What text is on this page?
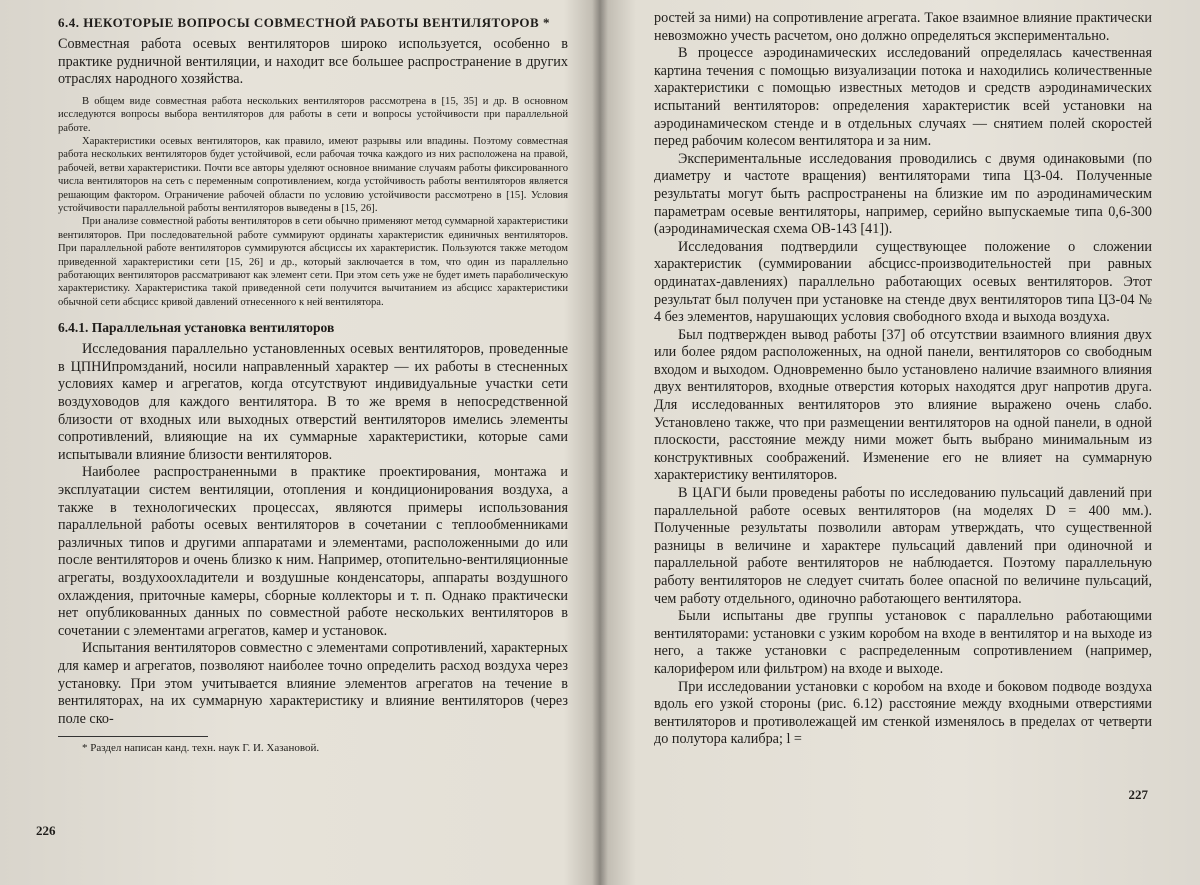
6.4. НЕКОТОРЫЕ ВОПРОСЫ СОВМЕСТНОЙ РАБОТЫ ВЕНТИЛЯТОРОВ *

Совместная работа осевых вентиляторов широко используется, особенно в практике рудничной вентиляции, и находит все большее распространение в других отраслях народного хозяйства.

В общем виде совместная работа нескольких вентиляторов рассмотрена в [15, 35] и др. В основном исследуются вопросы выбора вентиляторов для работы в сети и вопросы устойчивости при параллельной работе.

Характеристики осевых вентиляторов, как правило, имеют разрывы или впадины. Поэтому совместная работа нескольких вентиляторов будет устойчивой, если рабочая точка каждого из них расположена на правой, рабочей, ветви характеристики. Почти все авторы уделяют основное внимание случаям работы фиксированного числа вентиляторов на сеть с переменным сопротивлением, когда устойчивость работы вентиляторов является решающим фактором. Ограничение рабочей области по условию устойчивости рассмотрено в [15]. Условия устойчивости параллельной работы вентиляторов выведены в [15, 26].

При анализе совместной работы вентиляторов в сети обычно применяют метод суммарной характеристики вентиляторов. При последовательной работе суммируют ординаты характеристик единичных вентиляторов. При параллельной работе вентиляторов суммируются абсциссы их характеристик. Пользуются также методом приведенной характеристики сети [15, 26] и др., который заключается в том, что один из параллельно работающих вентиляторов рассматривают как элемент сети. При этом сеть уже не будет иметь параболическую характеристику. Характеристика такой приведенной сети получится вычитанием из абсцисс характеристики обычной сети абсцисс кривой давлений отнесенного к ней вентилятора.

6.4.1. Параллельная установка вентиляторов

Исследования параллельно установленных осевых вентиляторов, проведенные в ЦПНИпромзданий, носили направленный характер — их работы в стесненных условиях камер и агрегатов, когда отсутствуют индивидуальные участки сети воздуховодов для каждого вентилятора. В то же время в непосредственной близости от входных или выходных отверстий вентиляторов имелись элементы сопротивлений, влияющие на их суммарные характеристики, которые сами испытывали влияние близости вентиляторов.

Наиболее распространенными в практике проектирования, монтажа и эксплуатации систем вентиляции, отопления и кондиционирования воздуха, а также в технологических процессах, являются примеры использования параллельной работы осевых вентиляторов в сочетании с теплообменниками различных типов и другими аппаратами и элементами, расположенными до или после вентиляторов и очень близко к ним. Например, отопительно-вентиляционные агрегаты, воздухоохладители и воздушные конденсаторы, аппараты воздушного охлаждения, приточные камеры, сборные коллекторы и т. п. Однако практически нет опубликованных данных по совместной работе нескольких вентиляторов в сочетании с элементами агрегатов, камер и установок.

Испытания вентиляторов совместно с элементами сопротивлений, характерных для камер и агрегатов, позволяют наиболее точно определить расход воздуха через установку. При этом учитывается влияние элементов агрегатов на течение в вентиляторах, на их суммарную характеристику и влияние вентиляторов (через поле ско-

* Раздел написан канд. техн. наук Г. И. Хазановой.

226

ростей за ними) на сопротивление агрегата. Такое взаимное влияние практически невозможно учесть расчетом, оно должно определяться экспериментально.

В процессе аэродинамических исследований определялась качественная картина течения с помощью визуализации потока и находились количественные характеристики с помощью известных методов и средств аэродинамических испытаний вентиляторов: определения характеристик всей установки на аэродинамическом стенде и в отдельных случаях — снятием полей скоростей перед рабочим колесом вентилятора и за ним.

Экспериментальные исследования проводились с двумя одинаковыми (по диаметру и частоте вращения) вентиляторами типа Ц3-04. Полученные результаты могут быть распространены на близкие им по аэродинамическим параметрам осевые вентиляторы, например, серийно выпускаемые типа 0,6-300 (аэродинамическая схема ОВ-143 [41]).

Исследования подтвердили существующее положение о сложении характеристик (суммировании абсцисс-производительностей при равных ординатах-давлениях) параллельно работающих осевых вентиляторов. Этот результат был получен при установке на стенде двух вентиляторов типа Ц3-04 № 4 без элементов, нарушающих условия свободного входа и выхода воздуха.

Был подтвержден вывод работы [37] об отсутствии взаимного влияния двух или более рядом расположенных, на одной панели, вентиляторов со свободным входом и выходом. Одновременно было установлено наличие взаимного влияния двух вентиляторов, входные отверстия которых находятся друг напротив друга. Для исследованных вентиляторов это влияние выражено очень слабо. Установлено также, что при размещении вентиляторов на одной панели, в одной плоскости, расстояние между ними может быть выбрано минимальным из конструктивных соображений. Изменение его не влияет на суммарную характеристику вентиляторов.

В ЦАГИ были проведены работы по исследованию пульсаций давлений при параллельной работе осевых вентиляторов (на моделях D = 400 мм.). Полученные результаты позволили авторам утверждать, что существенной разницы в величине и характере пульсаций давлений при одиночной и параллельной работе вентиляторов не наблюдается. Поэтому параллельную работу вентиляторов не следует считать более опасной по величине пульсаций, чем работу отдельного, одиночно работающего вентилятора.

Были испытаны две группы установок с параллельно работающими вентиляторами: установки с узким коробом на входе в вентилятор и на выходе из него, а также установки с распределенным сопротивлением (например, калорифером или фильтром) на входе и выходе.

При исследовании установки с коробом на входе и боковом подводе воздуха вдоль его узкой стороны (рис. 6.12) расстояние между входными отверстиями вентиляторов и противолежащей им стенкой изменялось в пределах от четверти до полутора калибра; l =

227
